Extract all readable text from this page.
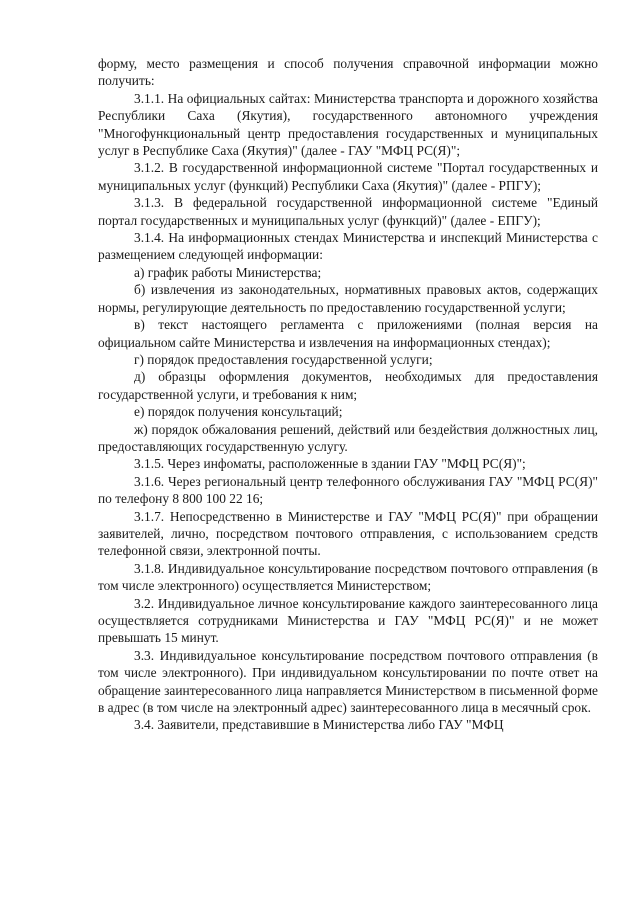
форму, место размещения и способ получения справочной информации можно получить:

3.1.1. На официальных сайтах: Министерства транспорта и дорожного хозяйства Республики Саха (Якутия), государственного автономного учреждения "Многофункциональный центр предоставления государственных и муниципальных услуг в Республике Саха (Якутия)" (далее - ГАУ "МФЦ РС(Я)";

3.1.2. В государственной информационной системе "Портал государственных и муниципальных услуг (функций) Республики Саха (Якутия)" (далее - РПГУ);

3.1.3. В федеральной государственной информационной системе "Единый портал государственных и муниципальных услуг (функций)" (далее - ЕПГУ);

3.1.4. На информационных стендах Министерства и инспекций Министерства с размещением следующей информации:

а) график работы Министерства;

б) извлечения из законодательных, нормативных правовых актов, содержащих нормы, регулирующие деятельность по предоставлению государственной услуги;

в) текст настоящего регламента с приложениями (полная версия на официальном сайте Министерства и извлечения на информационных стендах);

г) порядок предоставления государственной услуги;

д) образцы оформления документов, необходимых для предоставления государственной услуги, и требования к ним;

е) порядок получения консультаций;

ж) порядок обжалования решений, действий или бездействия должностных лиц, предоставляющих государственную услугу.

3.1.5. Через инфоматы, расположенные в здании ГАУ "МФЦ РС(Я)";

3.1.6. Через региональный центр телефонного обслуживания ГАУ "МФЦ РС(Я)" по телефону 8 800 100 22 16;

3.1.7. Непосредственно в Министерстве и ГАУ "МФЦ РС(Я)" при обращении заявителей, лично, посредством почтового отправления, с использованием средств телефонной связи, электронной почты.

3.1.8. Индивидуальное консультирование посредством почтового отправления (в том числе электронного) осуществляется Министерством;

3.2. Индивидуальное личное консультирование каждого заинтересованного лица осуществляется сотрудниками Министерства и ГАУ "МФЦ РС(Я)" и не может превышать 15 минут.

3.3. Индивидуальное консультирование посредством почтового отправления (в том числе электронного). При индивидуальном консультировании по почте ответ на обращение заинтересованного лица направляется Министерством в письменной форме в адрес (в том числе на электронный адрес) заинтересованного лица в месячный срок.

3.4. Заявители, представившие в Министерства либо ГАУ "МФЦ
